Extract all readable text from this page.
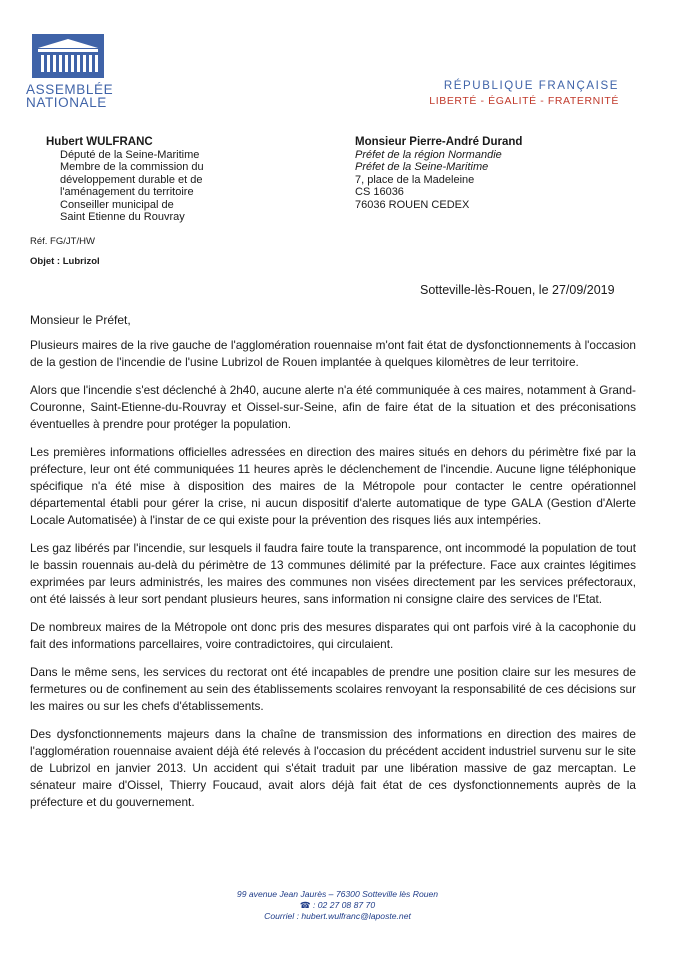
ASSEMBLÉE
NATIONALE
RÉPUBLIQUE FRANÇAISE
LIBERTÉ - ÉGALITÉ - FRATERNITÉ
Hubert WULFRANC
Député de la Seine-Maritime
Membre de la commission du
développement durable et de
l'aménagement du territoire
Conseiller municipal de
Saint Etienne du Rouvray
Monsieur Pierre-André Durand
Préfet de la région Normandie
Préfet de la Seine-Maritime
7, place de la Madeleine
CS 16036
76036 ROUEN CEDEX
Réf. FG/JT/HW
Objet : Lubrizol
Sotteville-lès-Rouen, le 27/09/2019
Monsieur le Préfet,

Plusieurs maires de la rive gauche de l'agglomération rouennaise m'ont fait état de dysfonctionnements à l'occasion de la gestion de l'incendie de l'usine Lubrizol de Rouen implantée à quelques kilomètres de leur territoire.

Alors que l'incendie s'est déclenché à 2h40, aucune alerte n'a été communiquée à ces maires, notamment à Grand-Couronne, Saint-Etienne-du-Rouvray et Oissel-sur-Seine, afin de faire état de la situation et des préconisations éventuelles à prendre pour protéger la population.

Les premières informations officielles adressées en direction des maires situés en dehors du périmètre fixé par la préfecture, leur ont été communiquées 11 heures après le déclenchement de l'incendie. Aucune ligne téléphonique spécifique n'a été mise à disposition des maires de la Métropole pour contacter le centre opérationnel départemental établi pour gérer la crise, ni aucun dispositif d'alerte automatique de type GALA (Gestion d'Alerte Locale Automatisée) à l'instar de ce qui existe pour la prévention des risques liés aux intempéries.

Les gaz libérés par l'incendie, sur lesquels il faudra faire toute la transparence, ont incommodé la population de tout le bassin rouennais au-delà du périmètre de 13 communes délimité par la préfecture. Face aux craintes légitimes exprimées par leurs administrés, les maires des communes non visées directement par les services préfectoraux, ont été laissés à leur sort pendant plusieurs heures, sans information ni consigne claire des services de l'Etat.

De nombreux maires de la Métropole ont donc pris des mesures disparates qui ont parfois viré à la cacophonie du fait des informations parcellaires, voire contradictoires, qui circulaient.

Dans le même sens, les services du rectorat ont été incapables de prendre une position claire sur les mesures de fermetures ou de confinement au sein des établissements scolaires renvoyant la responsabilité de ces décisions sur les maires ou sur les chefs d'établissements.

Des dysfonctionnements majeurs dans la chaîne de transmission des informations en direction des maires de l'agglomération rouennaise avaient déjà été relevés à l'occasion du précédent accident industriel survenu sur le site de Lubrizol en janvier 2013. Un accident qui s'était traduit par une libération massive de gaz mercaptan. Le sénateur maire d'Oissel, Thierry Foucaud, avait alors déjà fait état de ces dysfonctionnements auprès de la préfecture et du gouvernement.

99 avenue Jean Jaurès – 76300 Sotteville lès Rouen
☎ : 02 27 08 87 70
Courriel : hubert.wulfranc@laposte.net
